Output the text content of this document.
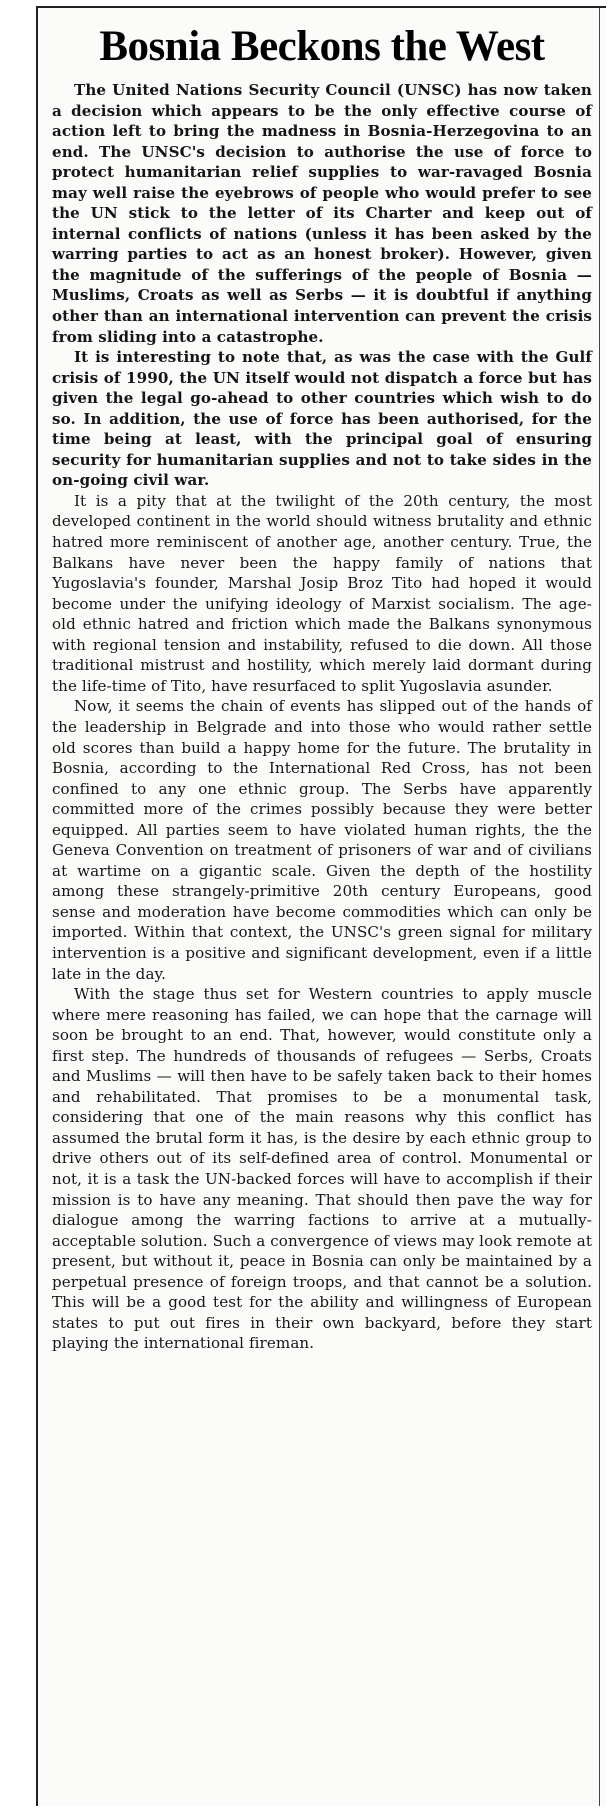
Bosnia Beckons the West

The United Nations Security Council (UNSC) has now taken a decision which appears to be the only effective course of action left to bring the madness in Bosnia-Herzegovina to an end. The UNSC's decision to authorise the use of force to protect humanitarian relief supplies to war-ravaged Bosnia may well raise the eyebrows of people who would prefer to see the UN stick to the letter of its Charter and keep out of internal conflicts of nations (unless it has been asked by the warring parties to act as an honest broker). However, given the magnitude of the sufferings of the people of Bosnia — Muslims, Croats as well as Serbs — it is doubtful if anything other than an international intervention can prevent the crisis from sliding into a catastrophe.

It is interesting to note that, as was the case with the Gulf crisis of 1990, the UN itself would not dispatch a force but has given the legal go-ahead to other countries which wish to do so. In addition, the use of force has been authorised, for the time being at least, with the principal goal of ensuring security for humanitarian supplies and not to take sides in the on-going civil war.

It is a pity that at the twilight of the 20th century, the most developed continent in the world should witness brutality and ethnic hatred more reminiscent of another age, another century. True, the Balkans have never been the happy family of nations that Yugoslavia's founder, Marshal Josip Broz Tito had hoped it would become under the unifying ideology of Marxist socialism. The age-old ethnic hatred and friction which made the Balkans synonymous with regional tension and instability, refused to die down. All those traditional mistrust and hostility, which merely laid dormant during the life-time of Tito, have resurfaced to split Yugoslavia asunder.

Now, it seems the chain of events has slipped out of the hands of the leadership in Belgrade and into those who would rather settle old scores than build a happy home for the future. The brutality in Bosnia, according to the International Red Cross, has not been confined to any one ethnic group. The Serbs have apparently committed more of the crimes possibly because they were better equipped. All parties seem to have violated human rights, the the Geneva Convention on treatment of prisoners of war and of civilians at wartime on a gigantic scale. Given the depth of the hostility among these strangely-primitive 20th century Europeans, good sense and moderation have become commodities which can only be imported. Within that context, the UNSC's green signal for military intervention is a positive and significant development, even if a little late in the day.

With the stage thus set for Western countries to apply muscle where mere reasoning has failed, we can hope that the carnage will soon be brought to an end. That, however, would constitute only a first step. The hundreds of thousands of refugees — Serbs, Croats and Muslims — will then have to be safely taken back to their homes and rehabilitated. That promises to be a monumental task, considering that one of the main reasons why this conflict has assumed the brutal form it has, is the desire by each ethnic group to drive others out of its self-defined area of control. Monumental or not, it is a task the UN-backed forces will have to accomplish if their mission is to have any meaning. That should then pave the way for dialogue among the warring factions to arrive at a mutually-acceptable solution. Such a convergence of views may look remote at present, but without it, peace in Bosnia can only be maintained by a perpetual presence of foreign troops, and that cannot be a solution. This will be a good test for the ability and willingness of European states to put out fires in their own backyard, before they start playing the international fireman.
